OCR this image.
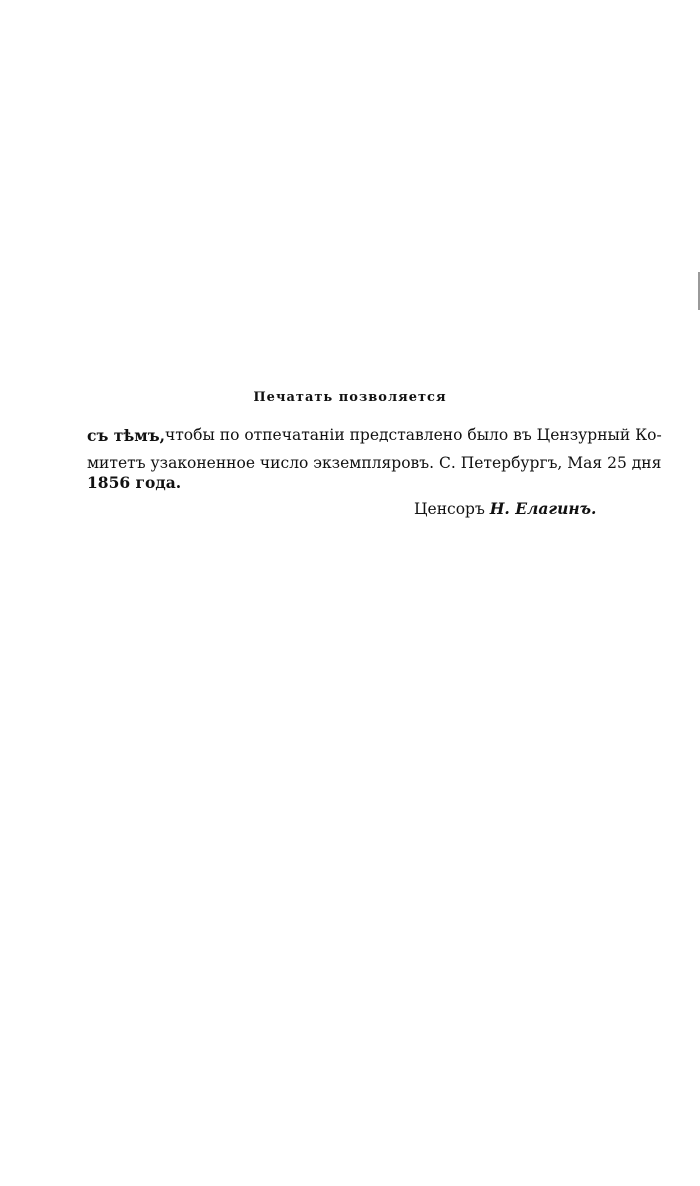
Печатать позволяется
съ тѣмъ, чтобы по отпечатаніи представлено было въ Цензурный Ко-
митетъ узаконенное число экземпляровъ. С. Петербургъ, Мая 25 дня
1856 года.
Ценсоръ Н. Елагинъ.
